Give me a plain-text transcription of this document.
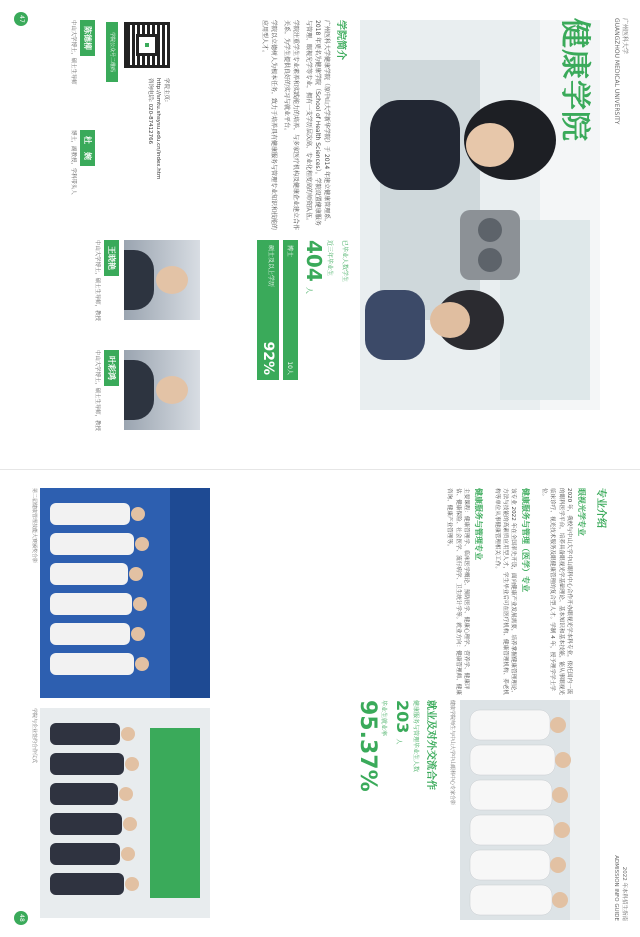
广州医科大学
GUANGZHOU MEDICAL UNIVERSITY
健康学院
学院主页:
http://smtu.shsysu.edu.cn/index.htm
咨询电话: 020-87412766
学院公众号二维码	学院简介

广州医科大学健康学院（原中山大学新华学院）于 2014 年建立健康管理系，2018 年更名为健康学院（School of Health Sciences）。学院设置健康服务与管理、眼视光学等专业，拥有一支学历层次高、专业化程度高的师资队伍。

学院注重学生专业素养和实践能力的培养，与多家医疗机构及健康企业建立合作关系，为学生提供良好的实习与就业平台。

学院以立德树人为根本任务，致力于培养具有健康服务与管理专业知识和技能的应用型人才。

已毕业人数学生
近三年毕业生
404 人
博士
10人
硕士及以上学历
92%
王晓艳
中山大学博士，硕士生导师，教授
叶彩鸿
中山大学博士，硕士生导师，教授
陈德柳
中山大学博士，硕士生导师
杜　婉
博士，副教授，学科带头人
47
2022 年本科招生指南
ADMISSION INFO GUIDE
专业介绍
眼视光学专业

2020 年，我校与中山大学中山眼科中心合作开办眼视光学本科专业，依托国内一流的眼科医学平台，培养具备眼视光学基础理论、基本知识和基本技能，能从事眼视光临床诊疗、视光技术服务及眼健康管理的复合型人才。学制 4 年，授予理学学士学位。

健康服务与管理（医学）专业

该专业 2022 年在全国率先开设，面向健康产业发展需要，培养掌握健康管理理论、方法与技能的高素质应用型人才，学生毕业后可在医疗机构、健康管理机构、养老机构等单位从事健康管理相关工作。

健康服务与管理专业

主要课程：健康管理学、临床医学概论、预防医学、健康心理学、营养学、健康评估、健康保险、社会医学、流行病学、卫生统计学等。就业方向：健康管理师、健康咨询、健康产业管理等。

健康学院师生与中山大学中山眼科中心专家合影
就业及对外交流合作
健康服务与管理毕业生人数
203 人
毕业生就业率
95.37%
第二届健康管理技能大赛颁奖合影
学院与企业签约合作仪式
48
